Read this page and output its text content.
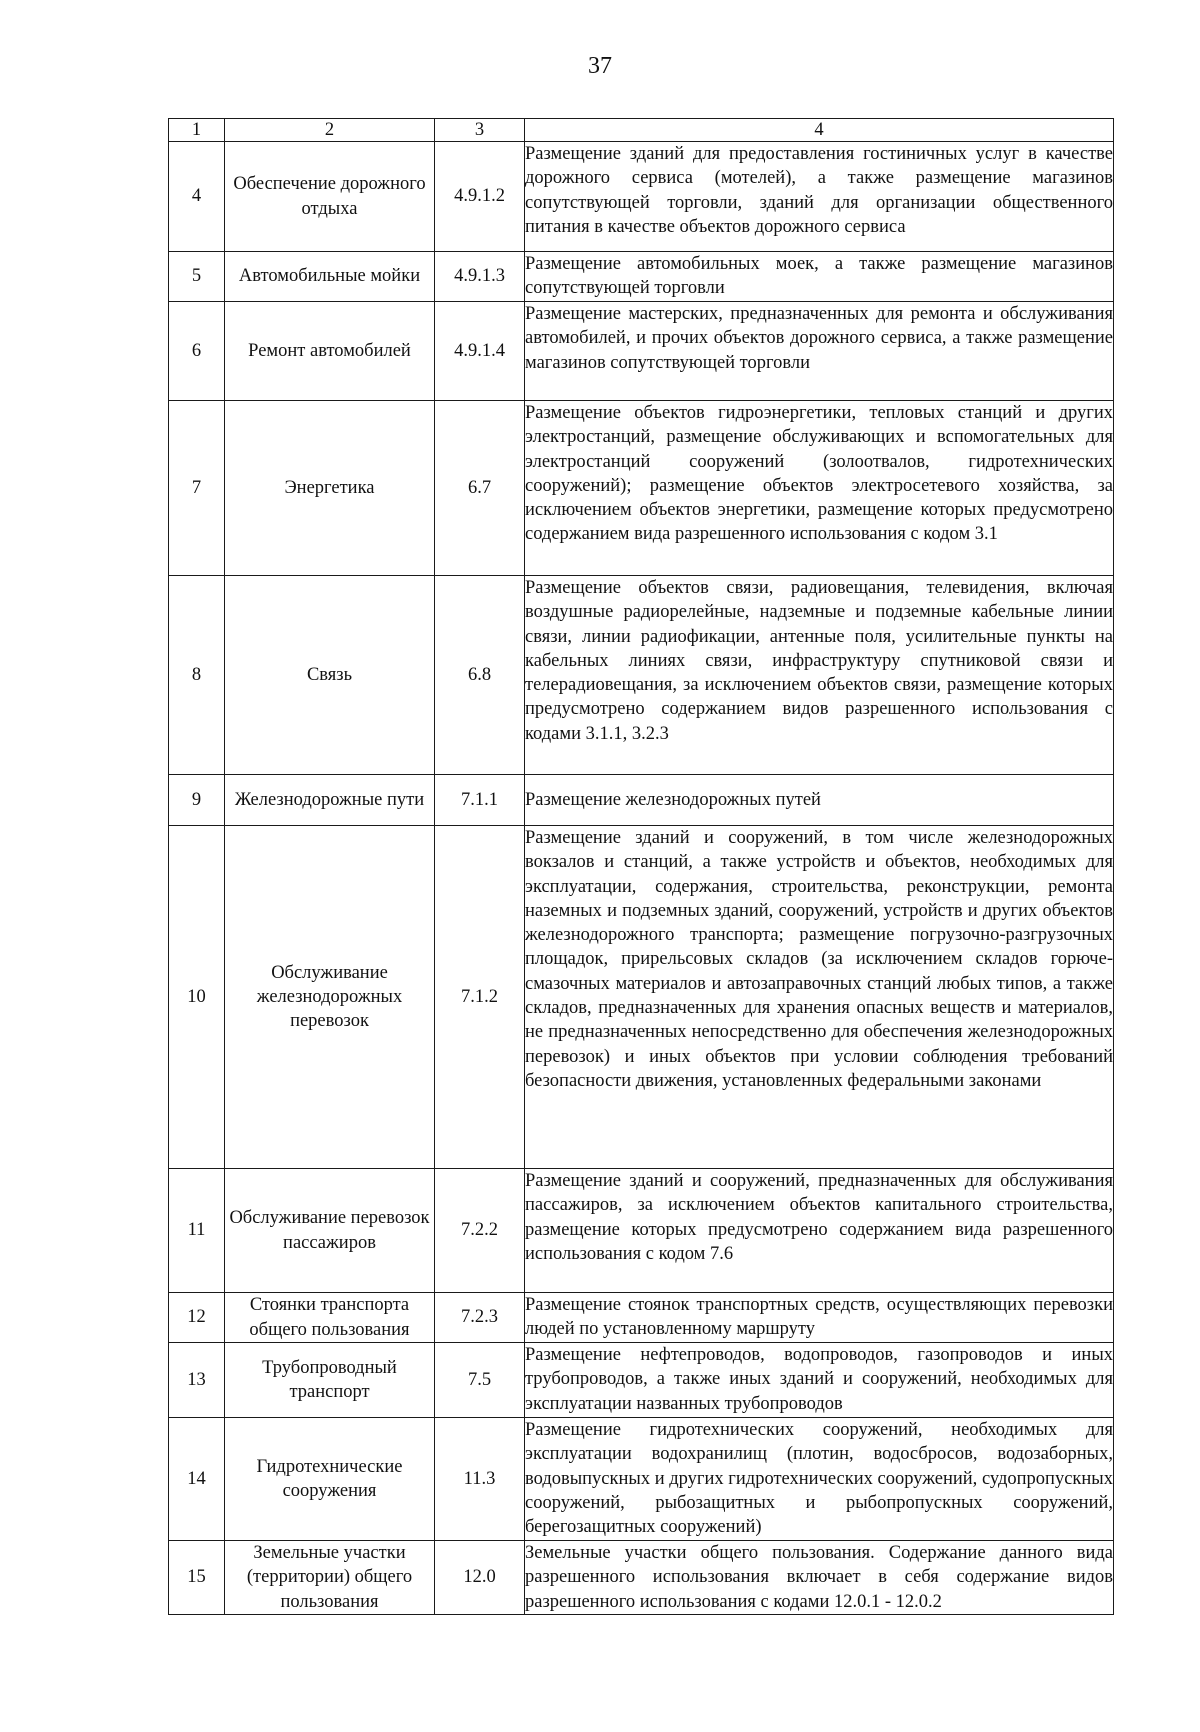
37
1	2	3	4
4	Обеспечение дорожного отдыха	4.9.1.2	Размещение зданий для предоставления гостиничных услуг в качестве дорожного сервиса (мотелей), а также размещение магазинов сопутствующей торговли, зданий для организации общественного питания в качестве объектов дорожного сервиса
5	Автомобильные мойки	4.9.1.3	Размещение автомобильных моек, а также размещение магазинов сопутствующей торговли
6	Ремонт автомобилей	4.9.1.4	Размещение мастерских, предназначенных для ремонта и обслуживания автомобилей, и прочих объектов дорожного сервиса, а также размещение магазинов сопутствующей торговли
7	Энергетика	6.7	Размещение объектов гидроэнергетики, тепловых станций и других электростанций, размещение обслуживающих и вспомогательных для электростанций сооружений (золоотвалов, гидротехнических сооружений); размещение объектов электросетевого хозяйства, за исключением объектов энергетики, размещение которых предусмотрено содержанием вида разрешенного использования с кодом 3.1
8	Связь	6.8	Размещение объектов связи, радиовещания, телевидения, включая воздушные радиорелейные, надземные и подземные кабельные линии связи, линии радиофикации, антенные поля, усилительные пункты на кабельных линиях связи, инфраструктуру спутниковой связи и телерадиовещания, за исключением объектов связи, размещение которых предусмотрено содержанием видов разрешенного использования с кодами 3.1.1, 3.2.3
9	Железнодорожные пути	7.1.1	Размещение железнодорожных путей
10	Обслуживание железнодорожных перевозок	7.1.2	Размещение зданий и сооружений, в том числе железнодорожных вокзалов и станций, а также устройств и объектов, необходимых для эксплуатации, содержания, строительства, реконструкции, ремонта наземных и подземных зданий, сооружений, устройств и других объектов железнодорожного транспорта; размещение погрузочно-разгрузочных площадок, прирельсовых складов (за исключением складов горюче-смазочных материалов и автозаправочных станций любых типов, а также складов, предназначенных для хранения опасных веществ и материалов, не предназначенных непосредственно для обеспечения железнодорожных перевозок) и иных объектов при условии соблюдения требований безопасности движения, установленных федеральными законами
11	Обслуживание перевозок пассажиров	7.2.2	Размещение зданий и сооружений, предназначенных для обслуживания пассажиров, за исключением объектов капитального строительства, размещение которых предусмотрено содержанием вида разрешенного использования с кодом 7.6
12	Стоянки транспорта общего пользования	7.2.3	Размещение стоянок транспортных средств, осуществляющих перевозки людей по установленному маршруту
13	Трубопроводный транспорт	7.5	Размещение нефтепроводов, водопроводов, газопроводов и иных трубопроводов, а также иных зданий и сооружений, необходимых для эксплуатации названных трубопроводов
14	Гидротехнические сооружения	11.3	Размещение гидротехнических сооружений, необходимых для эксплуатации водохранилищ (плотин, водосбросов, водозаборных, водовыпускных и других гидротехнических сооружений, судопропускных сооружений, рыбозащитных и рыбопропускных сооружений, берегозащитных сооружений)
15	Земельные участки (территории) общего пользования	12.0	Земельные участки общего пользования. Содержание данного вида разрешенного использования включает в себя содержание видов разрешенного использования с кодами 12.0.1 - 12.0.2
